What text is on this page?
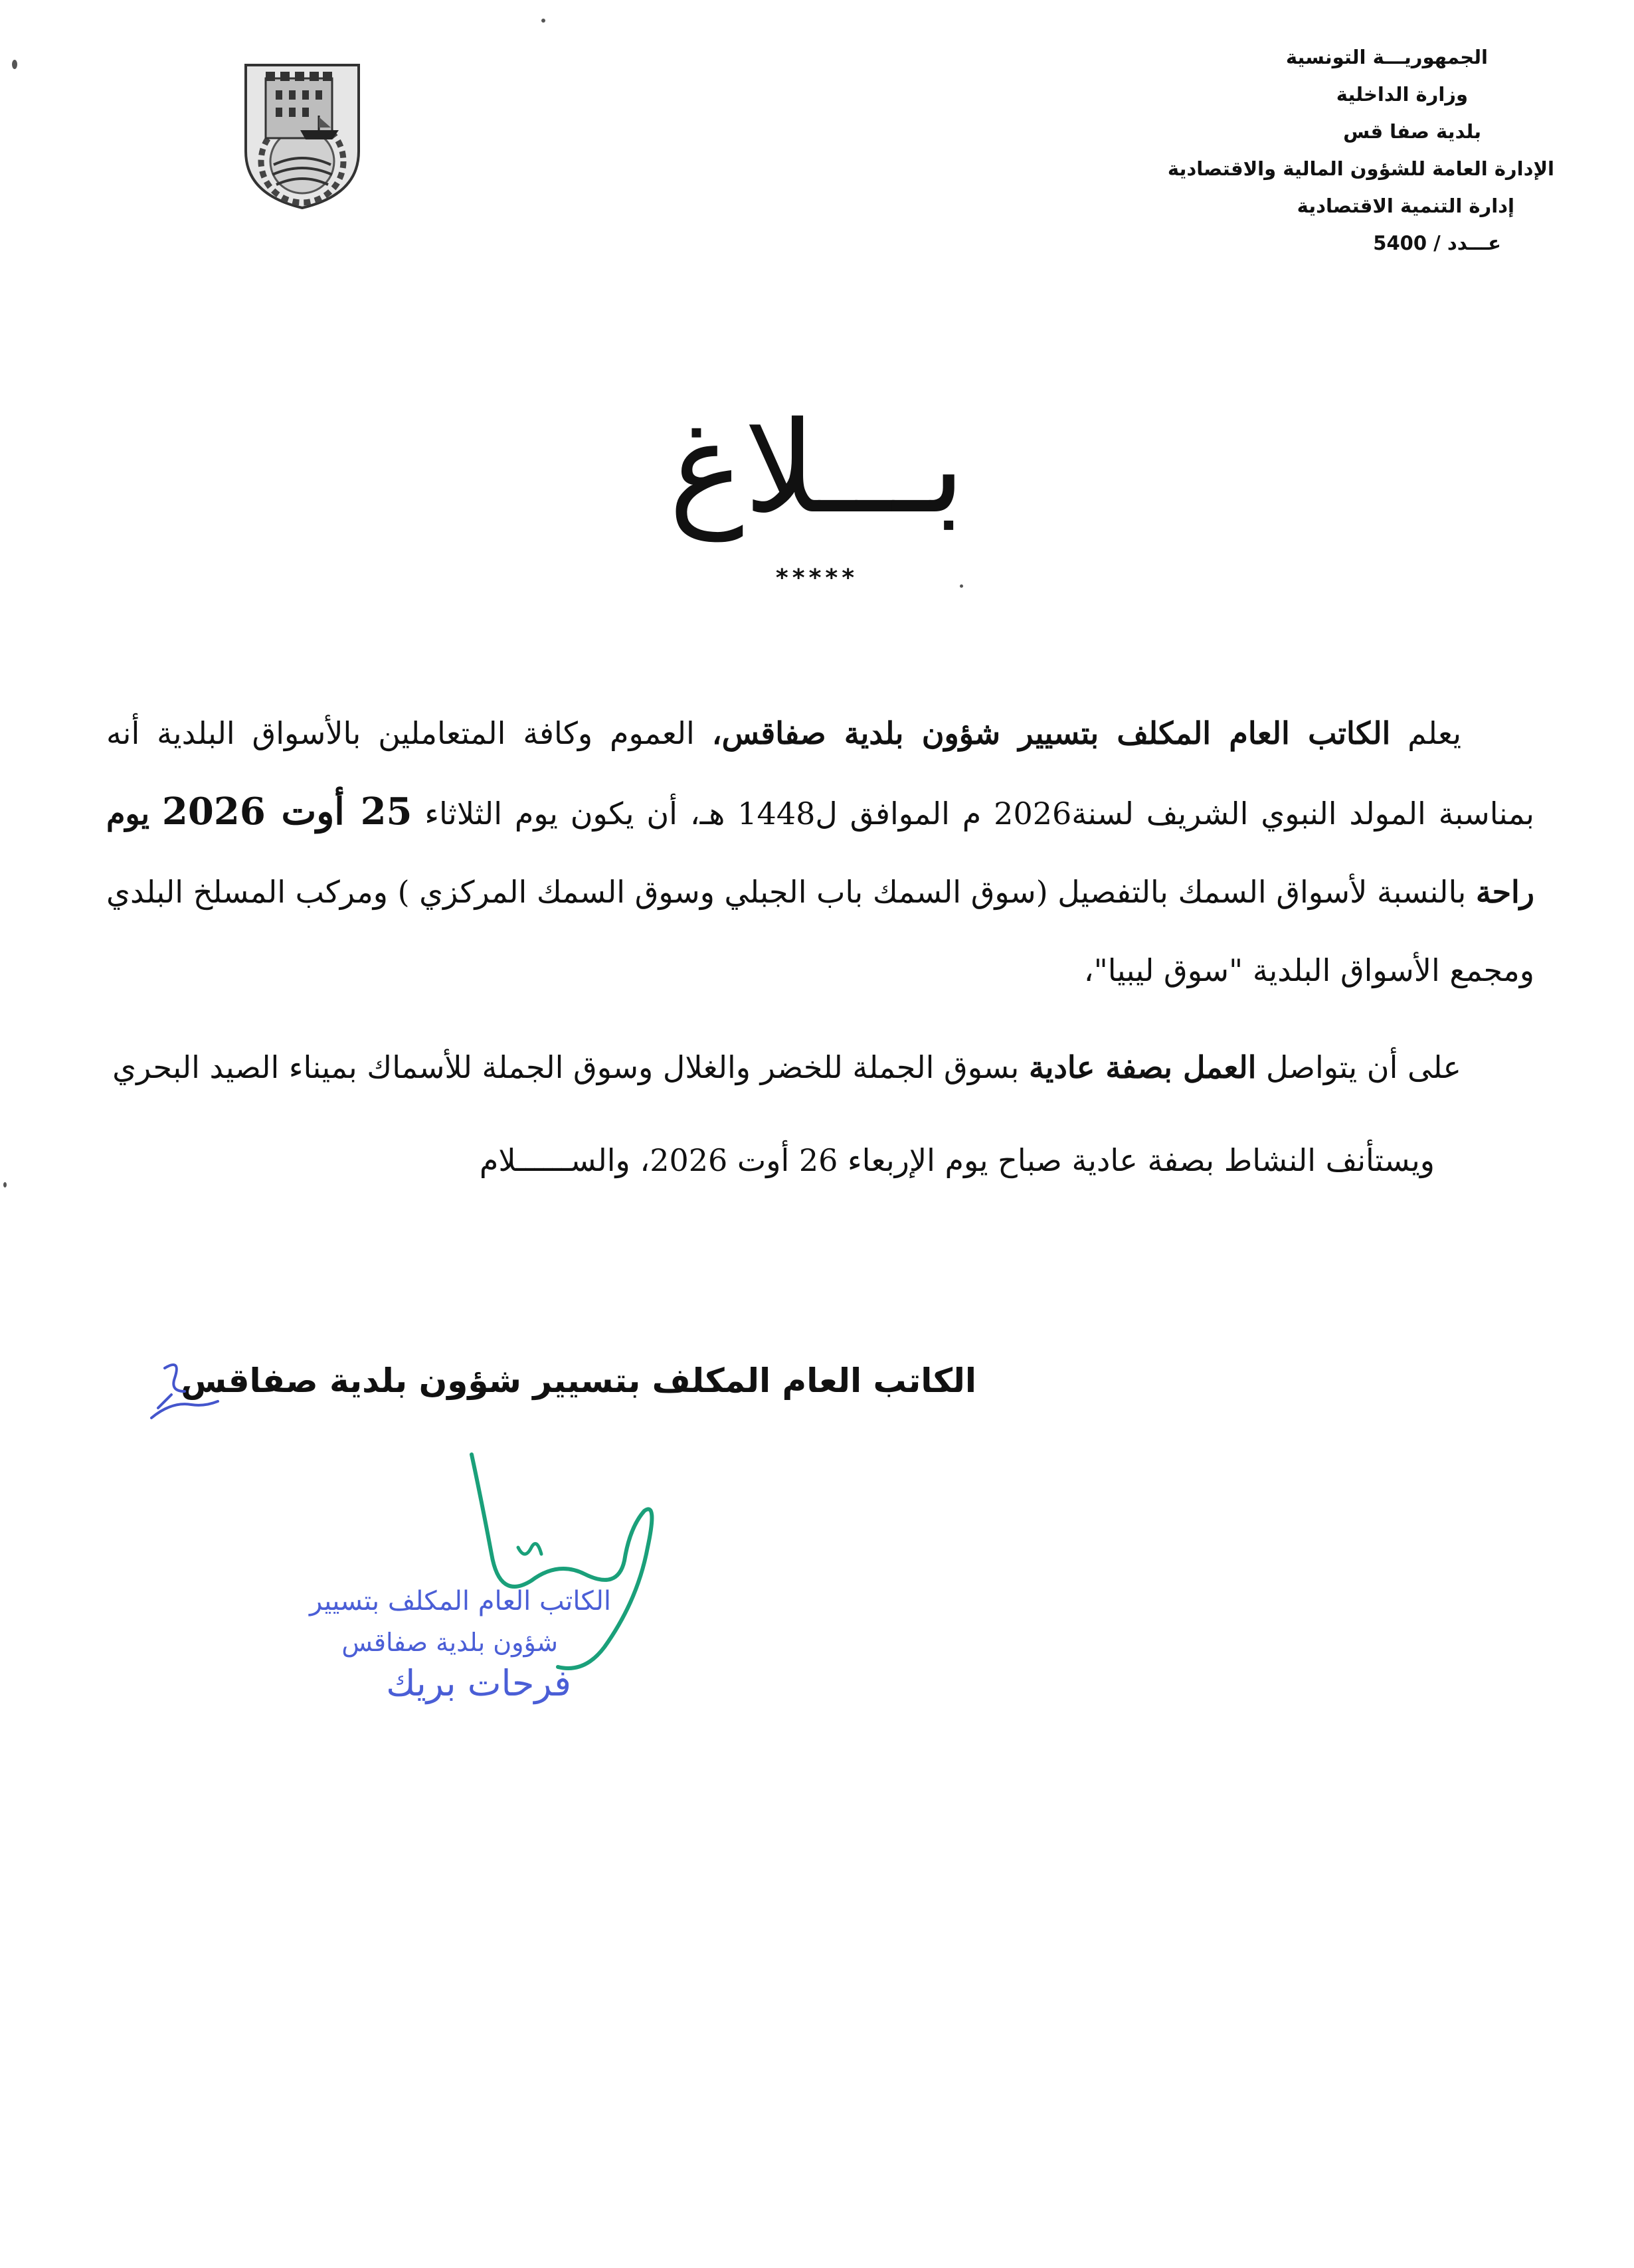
الجمهوريـــة التونسية
وزارة الداخلية
بلدية صفا قس
الإدارة العامة للشؤون المالية والاقتصادية
إدارة التنمية الاقتصادية
عـــدد 5400 /
بـــلاغ
*****

يعلم الكاتب العام المكلف بتسيير شؤون بلدية صفاقس، العموم وكافة المتعاملين بالأسواق البلدية أنه بمناسبة المولد النبوي الشريف لسنة2026 م الموافق ل1448 هـ، أن يكون يوم الثلاثاء 25 أوت 2026 يوم راحة بالنسبة لأسواق السمك بالتفصيل (سوق السمك باب الجبلي وسوق السمك المركزي ) ومركب المسلخ البلدي ومجمع الأسواق البلدية "سوق ليبيا"،

على أن يتواصل العمل بصفة عادية بسوق الجملة للخضر والغلال وسوق الجملة للأسماك بميناء الصيد البحري

ويستأنف النشاط بصفة عادية صباح يوم الإربعاء 26 أوت 2026، والســــــلام

الكاتب العام المكلف بتسيير شؤون بلدية صفاقس
الكاتب العام المكلف بتسيير
شؤون بلدية صفاقس
فرحات بريك
